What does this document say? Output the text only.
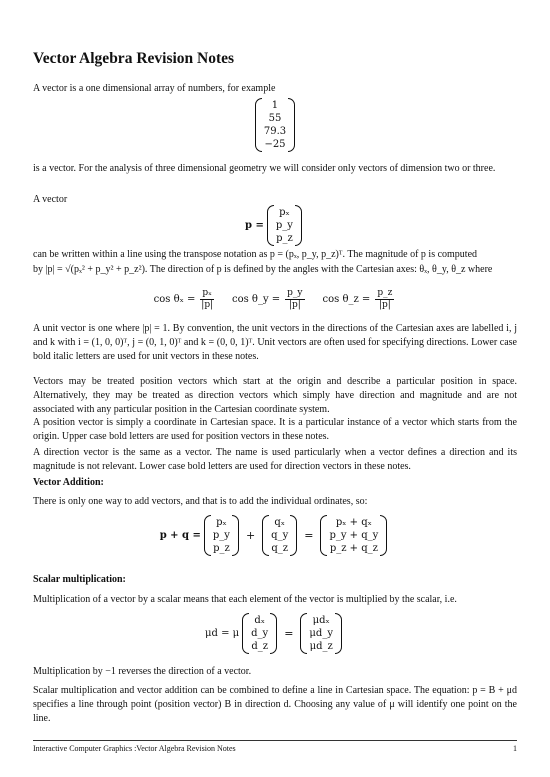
Vector Algebra Revision Notes

A vector is a one dimensional array of numbers, for example

1
55
79.3
−25

is a vector. For the analysis of three dimensional geometry we will consider only vectors of dimension two or three.

A vector

p =
pₓ
p_y
p_z

can be written within a line using the transpose notation as p = (pₓ, p_y, p_z)ᵀ. The magnitude of p is computed

by |p| = √(pₓ² + p_y² + p_z²). The direction of p is defined by the angles with the Cartesian axes: θₓ, θ_y, θ_z where

$\cos \theta_x = \frac{\text{pₓ}}{|p|}$ cos θ_y = $\frac{p\_y}{|p|}$ cos θ_z = $\frac{p\_z}{|p|}$

A unit vector is one where |p| = 1. By convention, the unit vectors in the directions of the Cartesian axes are labelled i, j and k with i = (1, 0, 0)ᵀ, j = (0, 1, 0)ᵀ and k = (0, 0, 1)ᵀ. Unit vectors are often used for specifying directions. Lower case bold italic letters are used for unit vectors in these notes.

Vectors may be treated position vectors which start at the origin and describe a particular position in space. Alternatively, they may be treated as direction vectors which simply have direction and magnitude and are not associated with any particular position in the Cartesian coordinate system.

A position vector is simply a coordinate in Cartesian space. It is a particular instance of a vector which starts from the origin. Upper case bold letters are used for position vectors in these notes.

A direction vector is the same as a vector. The name is used particularly when a vector defines a direction and its magnitude is not relevant. Lower case bold letters are used for direction vectors in these notes.

Vector Addition:

There is only one way to add vectors, and that is to add the individual ordinates, so:

p + q =
pₓ
p_y
p_z
+
qₓ
q_y
q_z
=
pₓ + qₓ
p_y + q_y
p_z + q_z

Scalar multiplication:

Multiplication of a vector by a scalar means that each element of the vector is multiplied by the scalar, i.e.

μd = μ
dₓ
d_y
d_z
=
μdₓ
μd_y
μd_z

Multiplication by −1 reverses the direction of a vector.

Scalar multiplication and vector addition can be combined to define a line in Cartesian space. The equation: p = B + μd specifies a line through point (position vector) B in direction d. Choosing any value of μ will identify one point on the line.

Interactive Computer Graphics :Vector Algebra Revision Notes	1
